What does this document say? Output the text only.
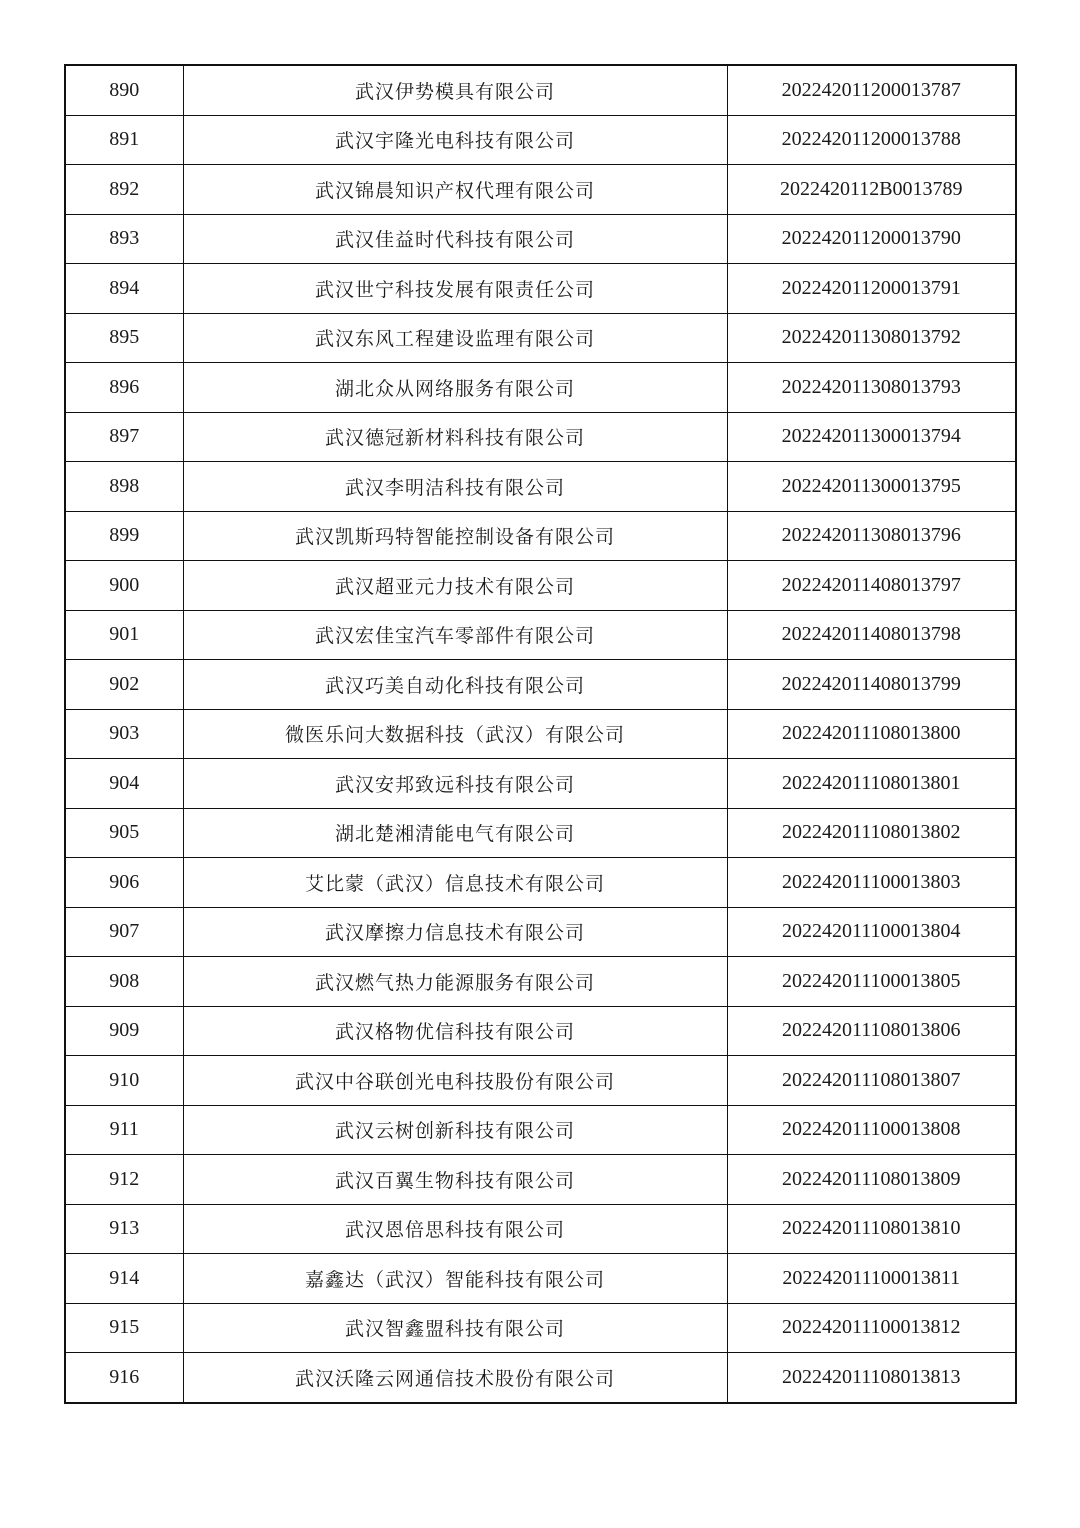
890	武汉伊势模具有限公司	202242011200013787
891	武汉宇隆光电科技有限公司	202242011200013788
892	武汉锦晨知识产权代理有限公司	20224201​12B0013789
893	武汉佳益时代科技有限公司	202242011200013790
894	武汉世宁科技发展有限责任公司	202242011200013791
895	武汉东风工程建设监理有限公司	202242011308013792
896	湖北众从网络服务有限公司	202242011308013793
897	武汉德冠新材料科技有限公司	202242011300013794
898	武汉李明洁科技有限公司	202242011300013795
899	武汉凯斯玛特智能控制设备有限公司	202242011308013796
900	武汉超亚元力技术有限公司	202242011408013797
901	武汉宏佳宝汽车零部件有限公司	202242011408013798
902	武汉巧美自动化科技有限公司	202242011408013799
903	微医乐问大数据科技（武汉）有限公司	202242011108013800
904	武汉安邦致远科技有限公司	202242011108013801
905	湖北楚湘清能电气有限公司	202242011108013802
906	艾比蒙（武汉）信息技术有限公司	202242011100013803
907	武汉摩擦力信息技术有限公司	202242011100013804
908	武汉燃气热力能源服务有限公司	202242011100013805
909	武汉格物优信科技有限公司	202242011108013806
910	武汉中谷联创光电科技股份有限公司	202242011108013807
911	武汉云树创新科技有限公司	202242011100013808
912	武汉百翼生物科技有限公司	202242011108013809
913	武汉恩倍思科技有限公司	202242011108013810
914	嘉鑫达（武汉）智能科技有限公司	202242011100013811
915	武汉智鑫盟科技有限公司	202242011100013812
916	武汉沃隆云网通信技术股份有限公司	202242011108013813
